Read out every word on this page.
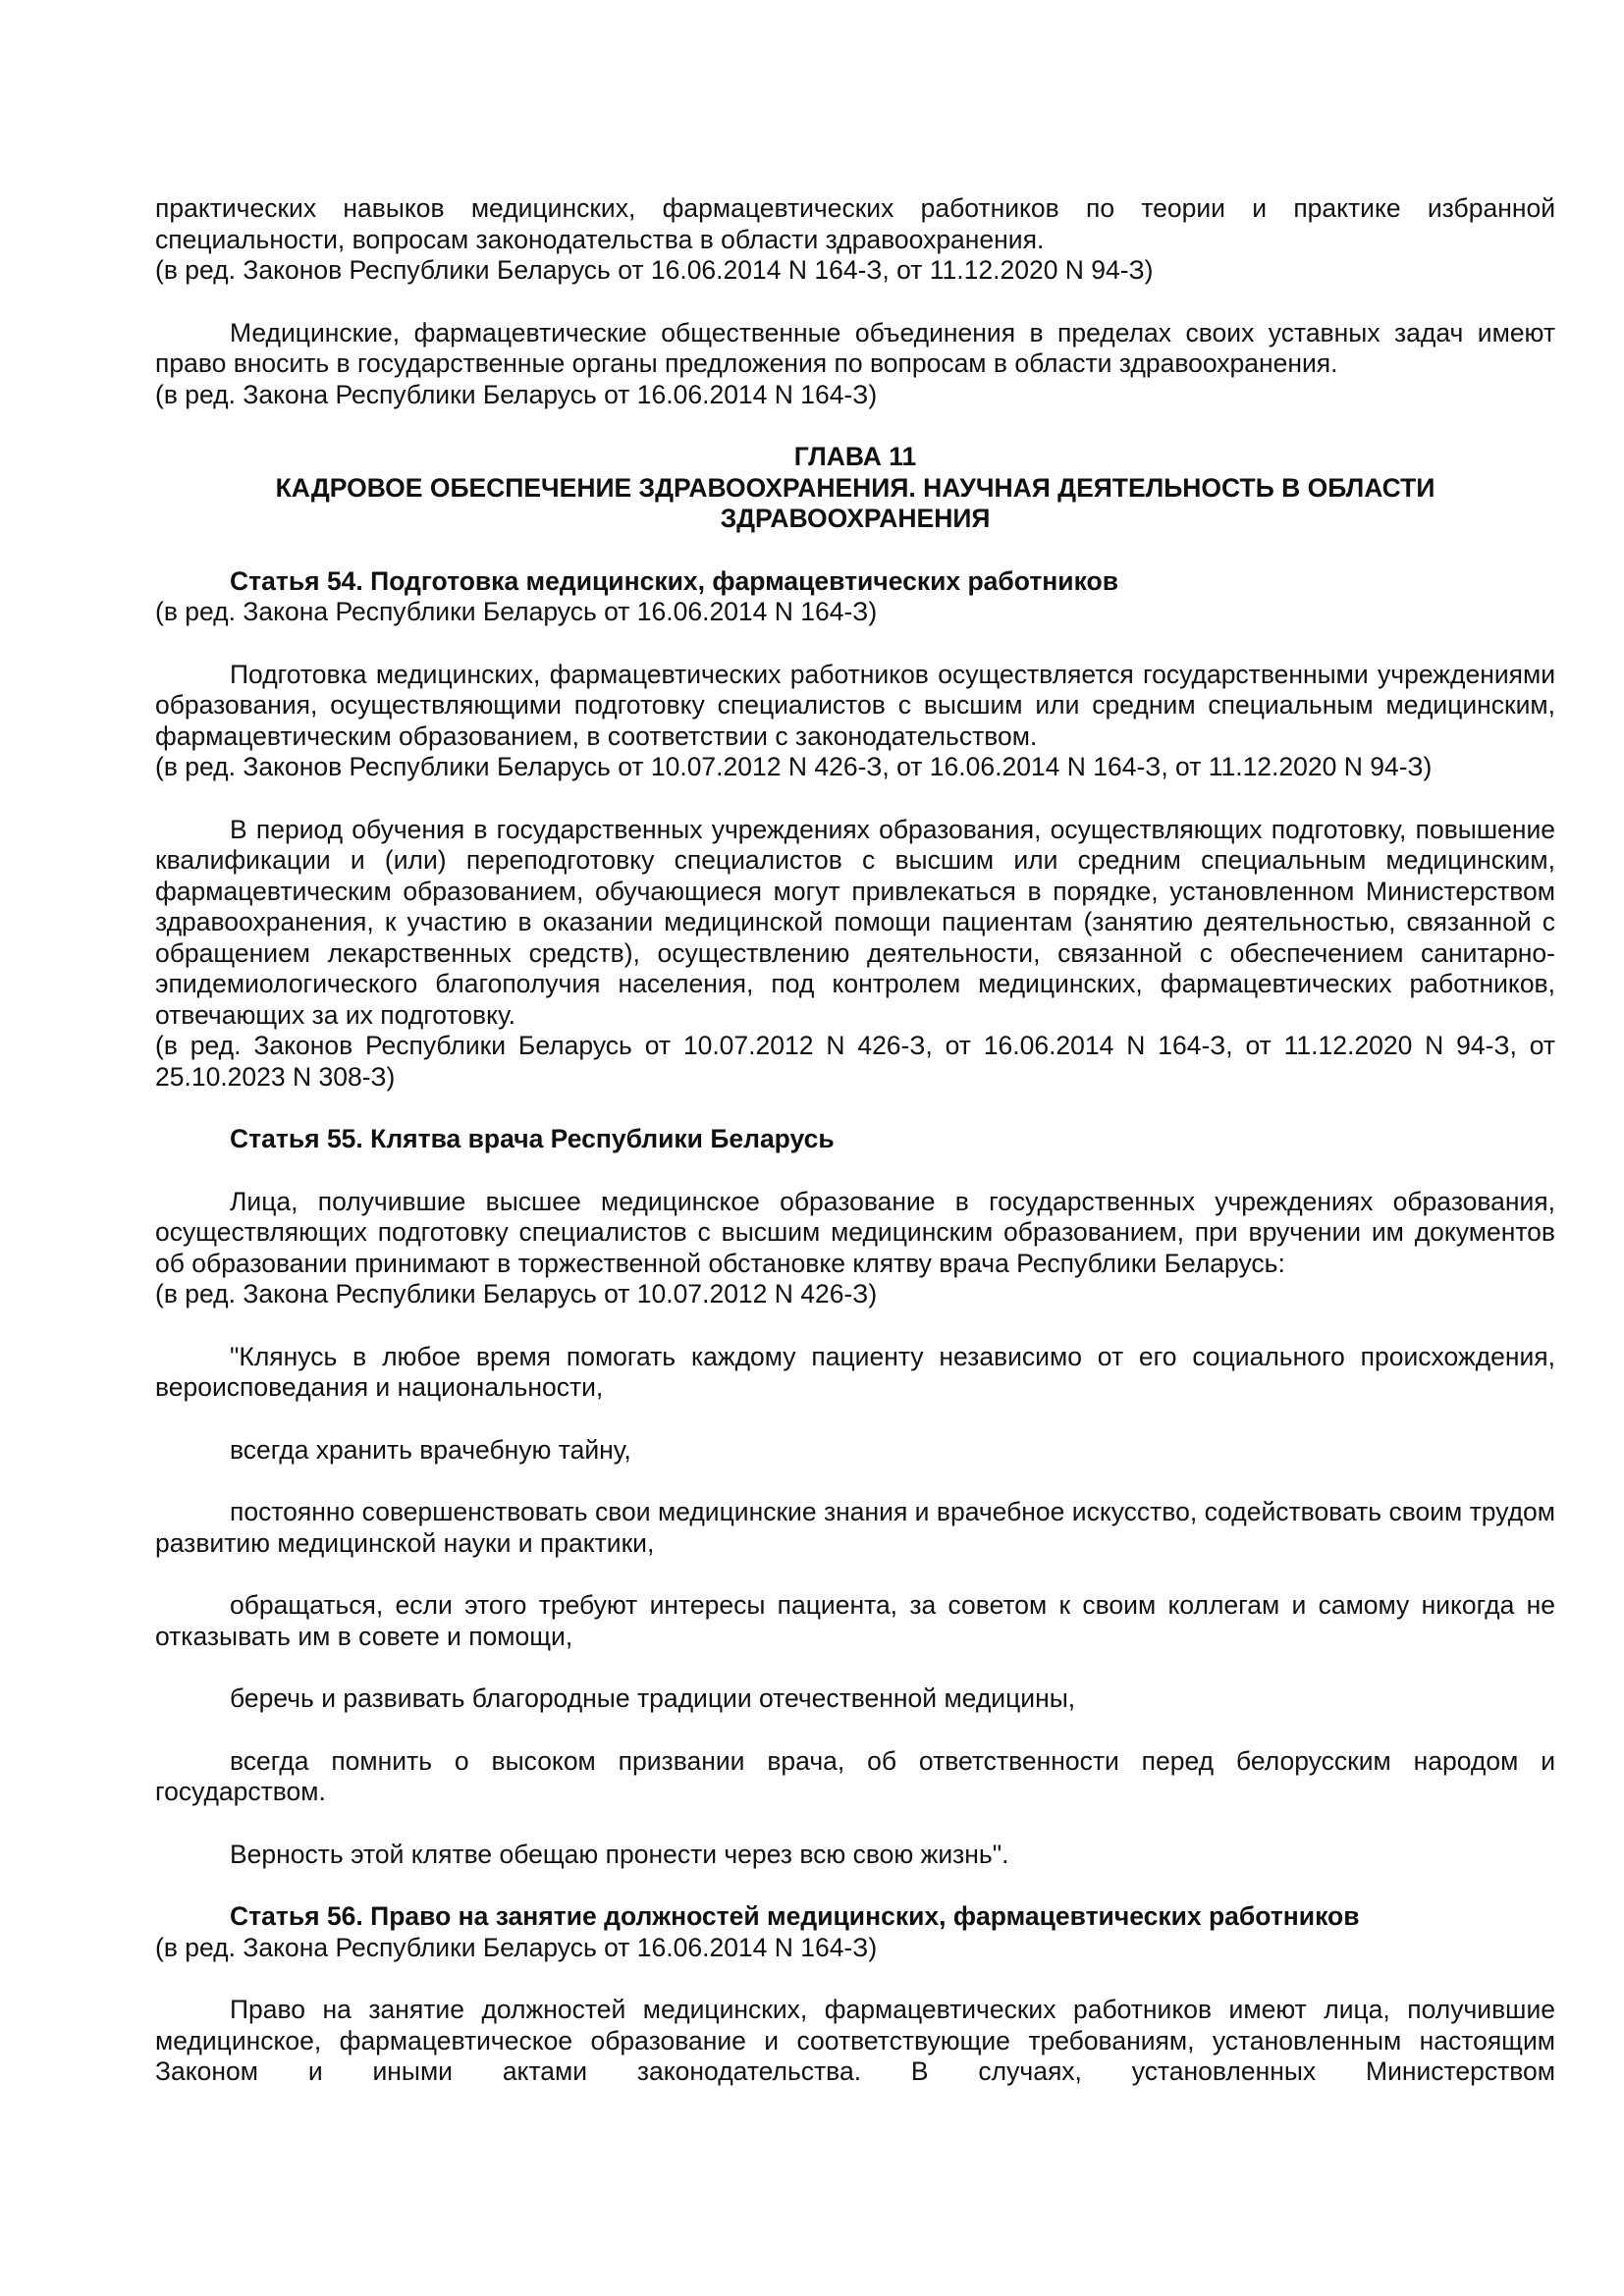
практических навыков медицинских, фармацевтических работников по теории и практике избранной специальности, вопросам законодательства в области здравоохранения.

(в ред. Законов Республики Беларусь от 16.06.2014 N 164-З, от 11.12.2020 N 94-З)

Медицинские, фармацевтические общественные объединения в пределах своих уставных задач имеют право вносить в государственные органы предложения по вопросам в области здравоохранения.

(в ред. Закона Республики Беларусь от 16.06.2014 N 164-З)

ГЛАВА 11

КАДРОВОЕ ОБЕСПЕЧЕНИЕ ЗДРАВООХРАНЕНИЯ. НАУЧНАЯ ДЕЯТЕЛЬНОСТЬ В ОБЛАСТИ

ЗДРАВООХРАНЕНИЯ

Статья 54. Подготовка медицинских, фармацевтических работников

(в ред. Закона Республики Беларусь от 16.06.2014 N 164-З)

Подготовка медицинских, фармацевтических работников осуществляется государственными учреждениями образования, осуществляющими подготовку специалистов с высшим или средним специальным медицинским, фармацевтическим образованием, в соответствии с законодательством.

(в ред. Законов Республики Беларусь от 10.07.2012 N 426-З, от 16.06.2014 N 164-З, от 11.12.2020 N 94-З)

В период обучения в государственных учреждениях образования, осуществляющих подготовку, повышение квалификации и (или) переподготовку специалистов с высшим или средним специальным медицинским, фармацевтическим образованием, обучающиеся могут привлекаться в порядке, установленном Министерством здравоохранения, к участию в оказании медицинской помощи пациентам (занятию деятельностью, связанной с обращением лекарственных средств), осуществлению деятельности, связанной с обеспечением санитарно-эпидемиологического благополучия населения, под контролем медицинских, фармацевтических работников, отвечающих за их подготовку.

(в ред. Законов Республики Беларусь от 10.07.2012 N 426-З, от 16.06.2014 N 164-З, от 11.12.2020 N 94-З, от 25.10.2023 N 308-З)

Статья 55. Клятва врача Республики Беларусь

Лица, получившие высшее медицинское образование в государственных учреждениях образования, осуществляющих подготовку специалистов с высшим медицинским образованием, при вручении им документов об образовании принимают в торжественной обстановке клятву врача Республики Беларусь:

(в ред. Закона Республики Беларусь от 10.07.2012 N 426-З)

"Клянусь в любое время помогать каждому пациенту независимо от его социального происхождения, вероисповедания и национальности,

всегда хранить врачебную тайну,

постоянно совершенствовать свои медицинские знания и врачебное искусство, содействовать своим трудом развитию медицинской науки и практики,

обращаться, если этого требуют интересы пациента, за советом к своим коллегам и самому никогда не отказывать им в совете и помощи,

беречь и развивать благородные традиции отечественной медицины,

всегда помнить о высоком призвании врача, об ответственности перед белорусским народом и государством.

Верность этой клятве обещаю пронести через всю свою жизнь".

Статья 56. Право на занятие должностей медицинских, фармацевтических работников

(в ред. Закона Республики Беларусь от 16.06.2014 N 164-З)

Право на занятие должностей медицинских, фармацевтических работников имеют лица, получившие медицинское, фармацевтическое образование и соответствующие требованиям, установленным настоящим Законом и иными актами законодательства. В случаях, установленных Министерством
